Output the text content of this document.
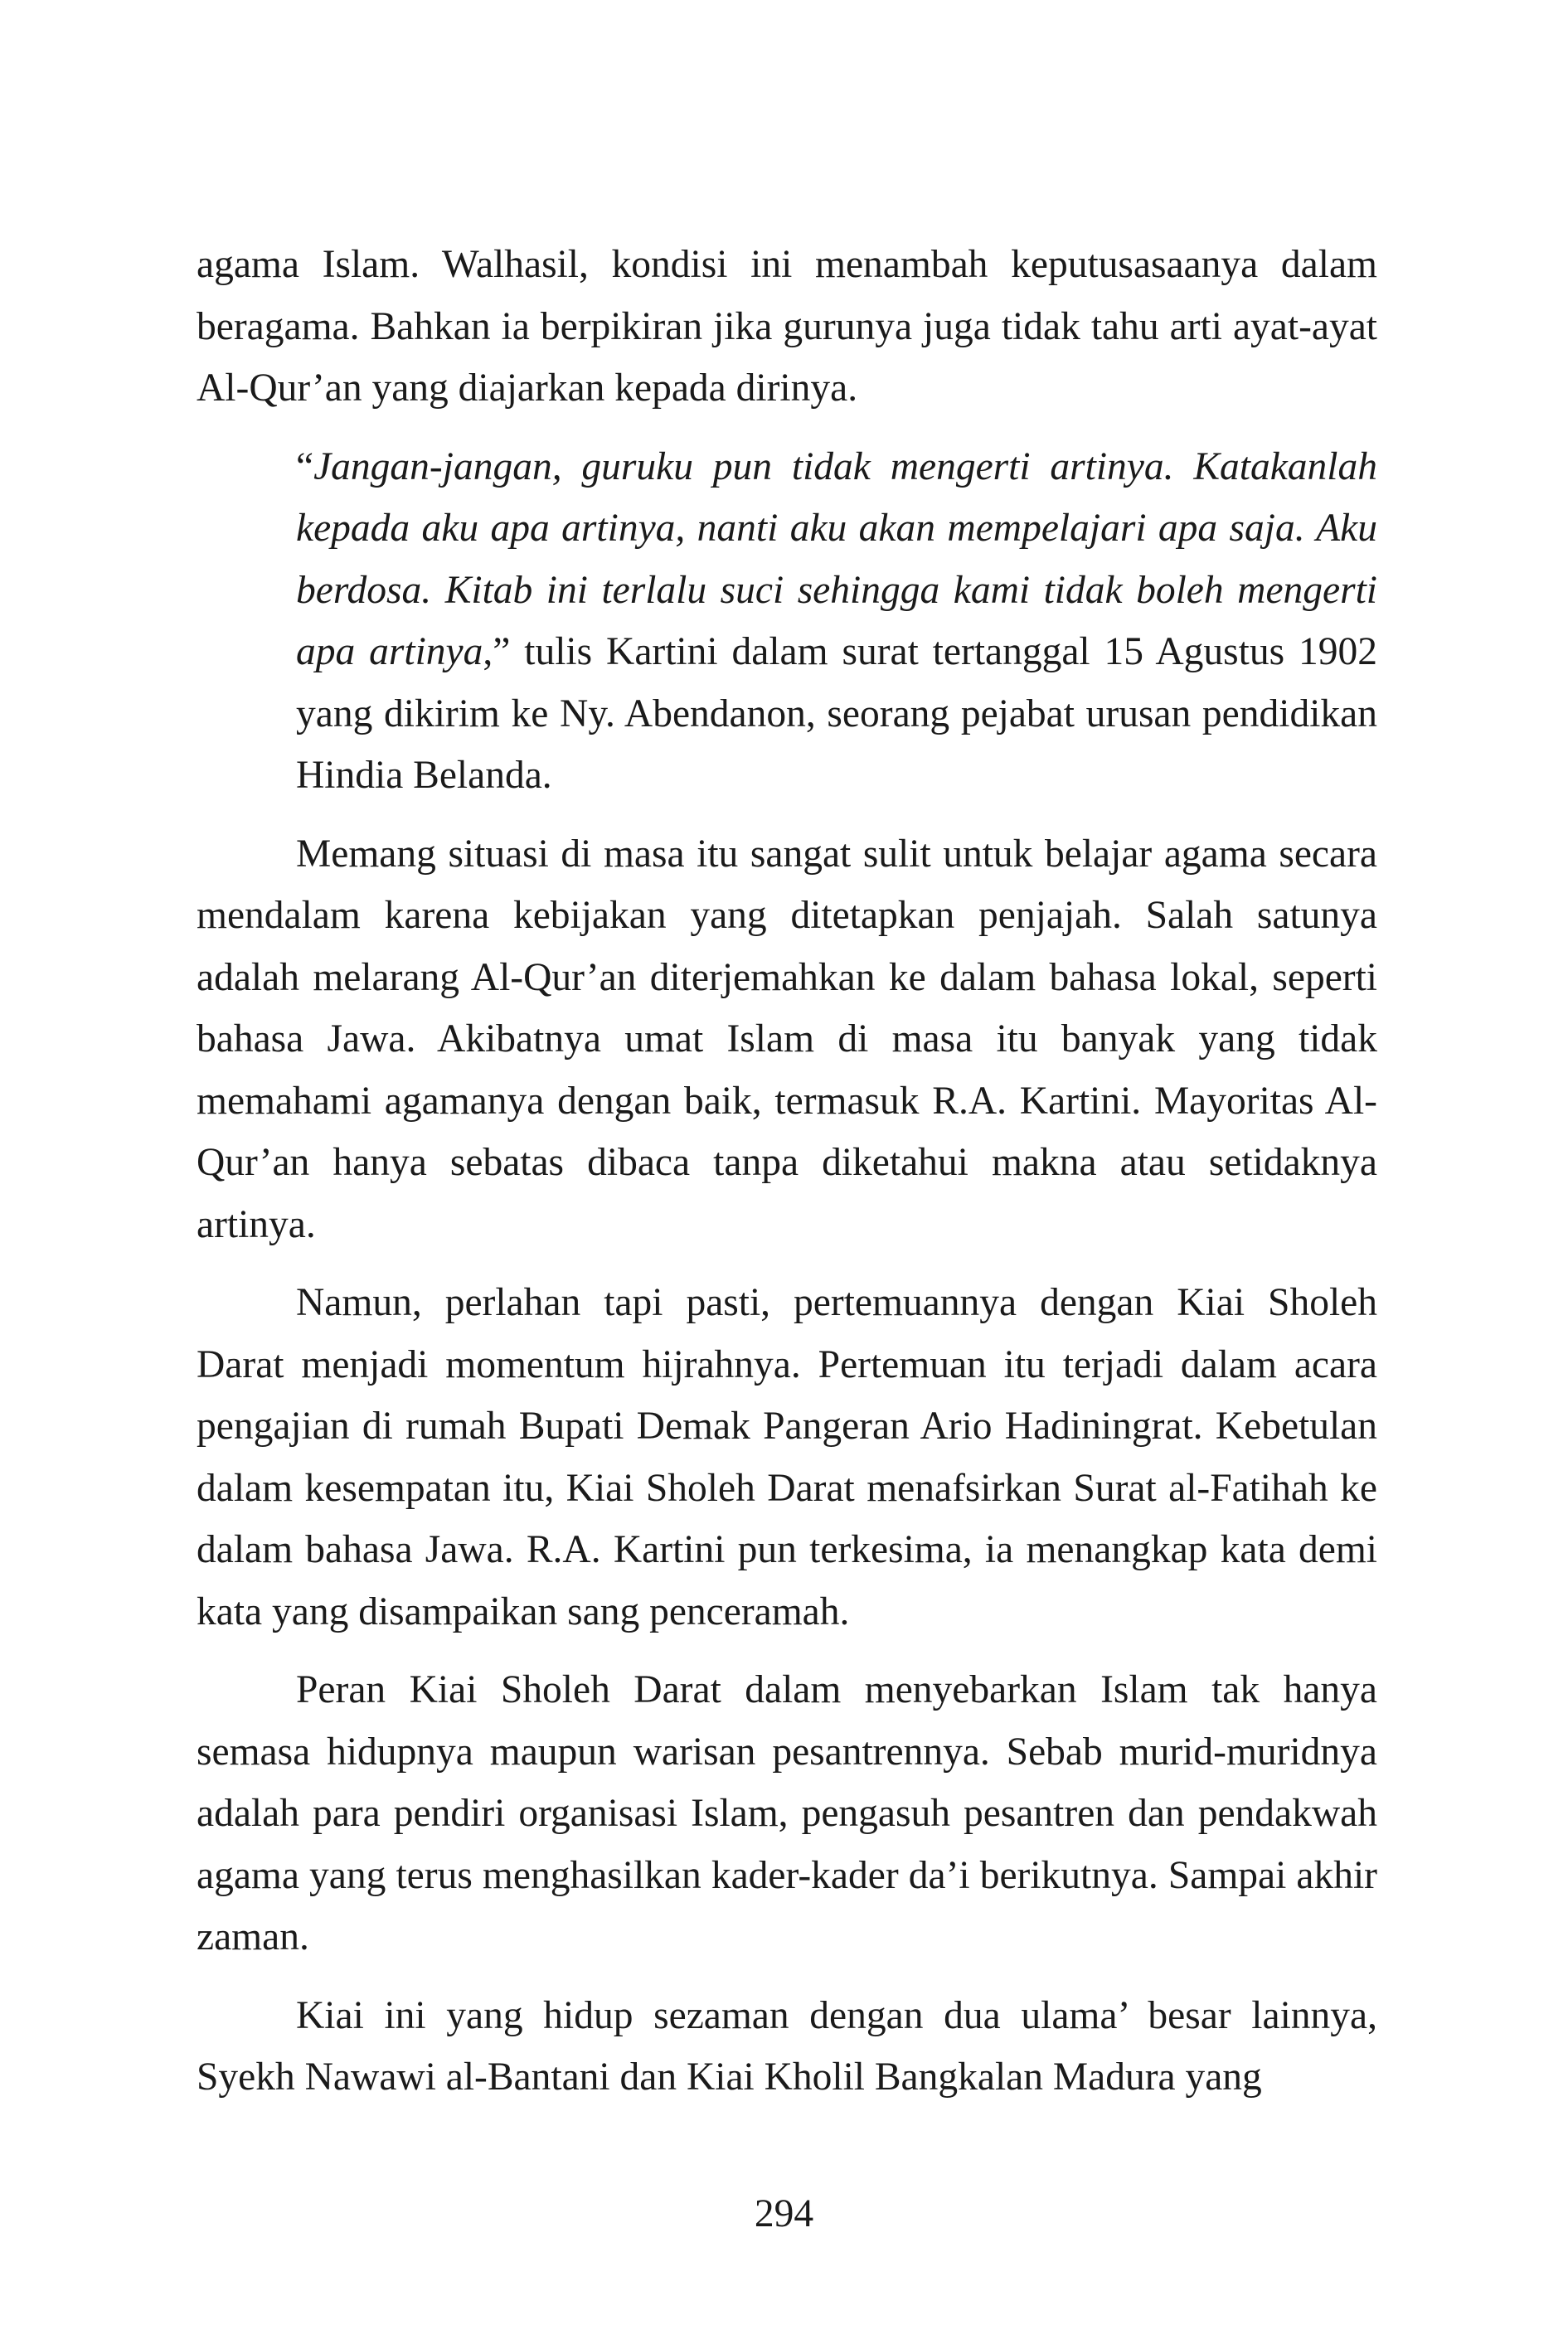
agama Islam. Walhasil, kondisi ini menambah keputusasaanya dalam beragama. Bahkan ia berpikiran jika gurunya juga tidak tahu arti ayat-ayat Al-Qur’an yang diajarkan kepada dirinya.

“Jangan-jangan, guruku pun tidak mengerti artinya. Katakanlah kepada aku apa artinya, nanti aku akan mempelajari apa saja. Aku berdosa. Kitab ini terlalu suci sehingga kami tidak boleh mengerti apa artinya,” tulis Kartini dalam surat tertanggal 15 Agustus 1902 yang dikirim ke Ny. Abendanon, seorang pejabat urusan pendidikan Hindia Belanda.

Memang situasi di masa itu sangat sulit untuk belajar agama secara mendalam karena kebijakan yang ditetapkan penjajah. Salah satunya adalah melarang Al-Qur’an diterjemahkan ke dalam bahasa lokal, seperti bahasa Jawa. Akibatnya umat Islam di masa itu banyak yang tidak memahami agamanya dengan baik, termasuk R.A. Kartini. Mayoritas Al-Qur’an hanya sebatas dibaca tanpa diketahui makna atau setidaknya artinya.

Namun, perlahan tapi pasti, pertemuannya dengan Kiai Sholeh Darat menjadi momentum hijrahnya. Pertemuan itu terjadi dalam acara pengajian di rumah Bupati Demak Pangeran Ario Hadiningrat. Kebetulan dalam kesempatan itu, Kiai Sholeh Darat menafsirkan Surat al-Fatihah ke dalam bahasa Jawa. R.A. Kartini pun terkesima, ia menangkap kata demi kata yang disampaikan sang penceramah.

Peran Kiai Sholeh Darat dalam menyebarkan Islam tak hanya semasa hidupnya maupun warisan pesantrennya. Sebab murid-muridnya adalah para pendiri organisasi Islam, pengasuh pesantren dan pendakwah agama yang terus menghasilkan kader-kader da’i berikutnya. Sampai akhir zaman.

Kiai ini yang hidup sezaman dengan dua ulama’ besar lainnya, Syekh Nawawi al-Bantani dan Kiai Kholil Bangkalan Madura yang

294
